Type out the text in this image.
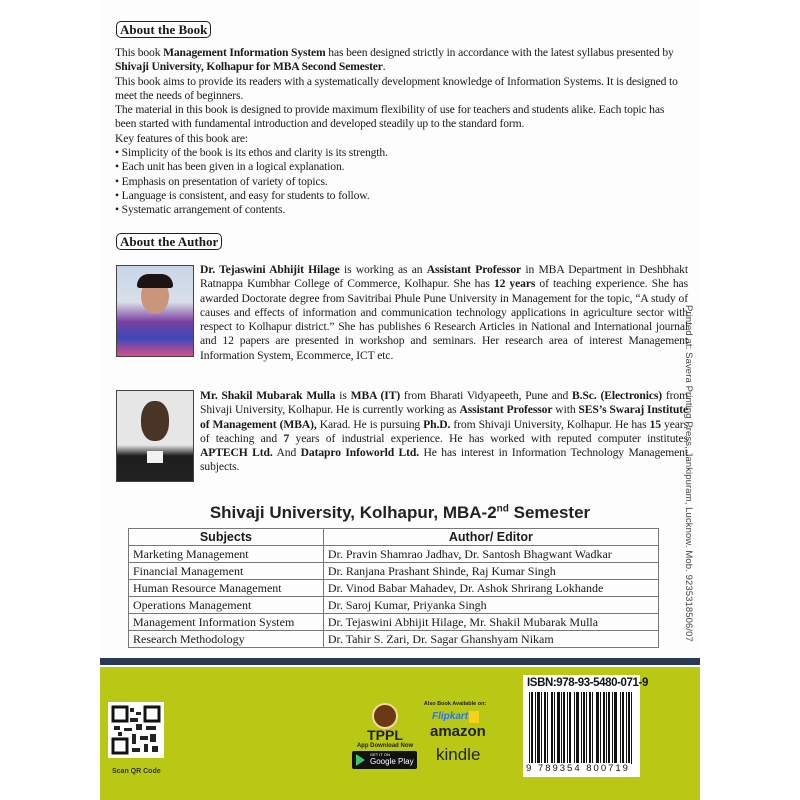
About the Book
This book Management Information System has been designed strictly in accordance with the latest syllabus presented by Shivaji University, Kolhapur for MBA Second Semester.
This book aims to provide its readers with a systematically development knowledge of Information Systems. It is designed to meet the needs of beginners.
The material in this book is designed to provide maximum flexibility of use for teachers and students alike. Each topic has been started with fundamental introduction and developed steadily up to the standard form.
Key features of this book are:
• Simplicity of the book is its ethos and clarity is its strength.
• Each unit has been given in a logical explanation.
• Emphasis on presentation of variety of topics.
• Language is consistent, and easy for students to follow.
• Systematic arrangement of contents.
About the Author
Dr. Tejaswini Abhijit Hilage is working as an Assistant Professor in MBA Department in Deshbhakt Ratnappa Kumbhar College of Commerce, Kolhapur. She has 12 years of teaching experience. She has awarded Doctorate degree from Savitribai Phule Pune University in Management for the topic, “A study of causes and effects of information and communication technology applications in agriculture sector with respect to Kolhapur district.” She has publishes 6 Research Articles in National and International journal and 12 papers are presented in workshop and seminars. Her research area of interest Management Information System, Ecommerce, ICT etc.
Mr. Shakil Mubarak Mulla is MBA (IT) from Bharati Vidyapeeth, Pune and B.Sc. (Electronics) from Shivaji University, Kolhapur. He is currently working as Assistant Professor with SES’s Swaraj Institute of Management (MBA), Karad. He is pursuing Ph.D. from Shivaji University, Kolhapur. He has 15 years of teaching and 7 years of industrial experience. He has worked with reputed computer institutes APTECH Ltd. And Datapro Infoworld Ltd. He has interest in Information Technology Management subjects.	Printed at: Savera Printing Press, Jankipuram, Lucknow. Mob. 9235318506/07
Shivaji University, Kolhapur, MBA-2nd Semester
Subjects	Author/ Editor
Marketing Management	Dr. Pravin Shamrao Jadhav, Dr. Santosh Bhagwant Wadkar
Financial Management	Dr. Ranjana Prashant Shinde, Raj Kumar Singh
Human Resource Management	Dr. Vinod Babar Mahadev, Dr. Ashok Shrirang Lokhande
Operations Management	Dr. Saroj Kumar, Priyanka Singh
Management Information System	Dr. Tejaswini Abhijit Hilage, Mr. Shakil Mubarak Mulla
Research Methodology	Dr. Tahir S. Zari, Dr. Sagar Ghanshyam Nikam
Scan QR Code
TPPL
App Download Now
GET IT ON
Google Play
Also Book Available on:
Flipkart
amazon
kindle
ISBN:978-93-5480-071-9
9 789354 800719
